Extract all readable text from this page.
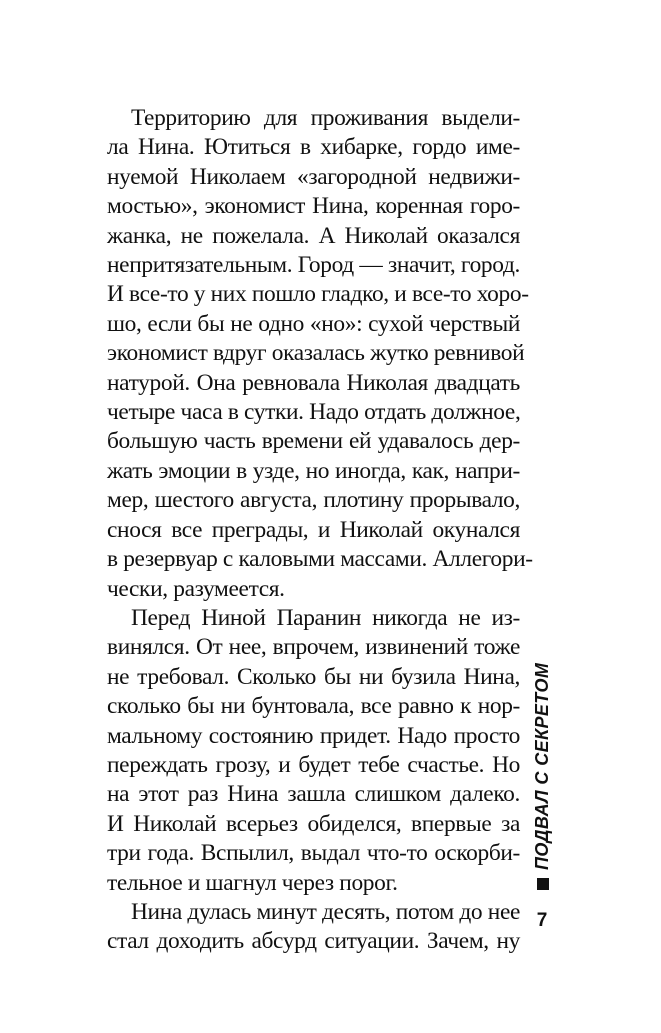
Территорию для проживания выдели-
ла Нина. Ютиться в хибарке, гордо име-
нуемой Николаем «загородной недвижи-
мостью», экономист Нина, коренная горо-
жанка, не пожелала. А Николай оказался
непритязательным. Город — значит, город.
И все-то у них пошло гладко, и все-то хоро-
шо, если бы не одно «но»: сухой черствый
экономист вдруг оказалась жутко ревнивой
натурой. Она ревновала Николая двадцать
четыре часа в сутки. Надо отдать должное,
большую часть времени ей удавалось дер-
жать эмоции в узде, но иногда, как, напри-
мер, шестого августа, плотину прорывало,
снося все преграды, и Николай окунался
в резервуар с каловыми массами. Аллегори-
чески, разумеется.

Перед Ниной Паранин никогда не из-
винялся. От нее, впрочем, извинений тоже
не требовал. Сколько бы ни бузила Нина,
сколько бы ни бунтовала, все равно к нор-
мальному состоянию придет. Надо просто
переждать грозу, и будет тебе счастье. Но
на этот раз Нина зашла слишком далеко.
И Николай всерьез обиделся, впервые за
три года. Вспылил, выдал что-то оскорби-
тельное и шагнул через порог.

Нина дулась минут десять, потом до нее
стал доходить абсурд ситуации. Зачем, ну

ПОДВАЛ С СЕКРЕТОМ
7
